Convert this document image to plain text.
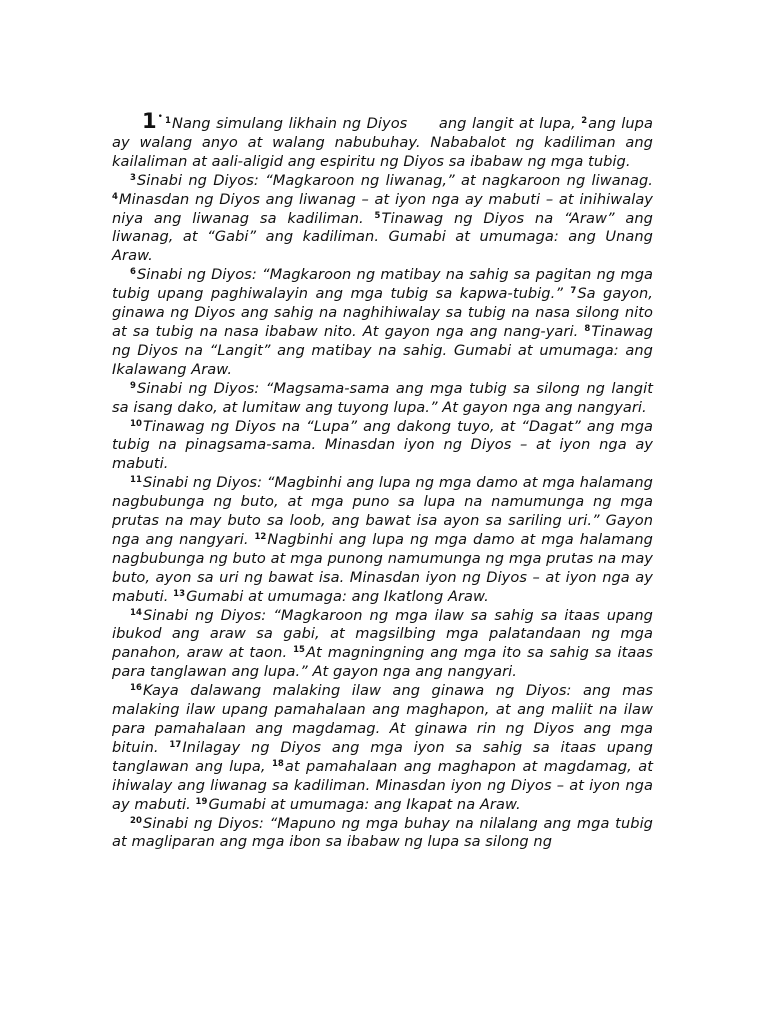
1• $^1$Nang simulang likhain ng Diyos ang langit at lupa, $^2$ang lupa ay walang anyo at walang nabubuhay. Nababalot ng kadiliman ang kailaliman at aali-aligid ang espiritu ng Diyos sa ibabaw ng mga tubig.

$^3$Sinabi ng Diyos: “Magkaroon ng liwanag,” at nagkaroon ng liwanag. $^4$Minasdan ng Diyos ang liwanag – at iyon nga ay mabuti – at inihiwalay niya ang liwanag sa kadiliman. $^5$Tinawag ng Diyos na “Araw” ang liwanag, at “Gabi” ang kadiliman. Gumabi at umumaga: ang Unang Araw.

$^6$Sinabi ng Diyos: “Magkaroon ng matibay na sahig sa pagitan ng mga tubig upang paghiwalayin ang mga tubig sa kapwa-tubig.” $^7$Sa gayon, ginawa ng Diyos ang sahig na naghihiwalay sa tubig na nasa silong nito at sa tubig na nasa ibabaw nito. At gayon nga ang nang-yari. $^8$Tinawag ng Diyos na “Langit” ang matibay na sahig. Gumabi at umumaga: ang Ikalawang Araw.

$^9$Sinabi ng Diyos: “Magsama-sama ang mga tubig sa silong ng langit sa isang dako, at lumitaw ang tuyong lupa.” At gayon nga ang nangyari.

$^{10}$Tinawag ng Diyos na “Lupa” ang dakong tuyo, at “Dagat” ang mga tubig na pinagsama-sama. Minasdan iyon ng Diyos – at iyon nga ay mabuti.

$^{11}$Sinabi ng Diyos: “Magbinhi ang lupa ng mga damo at mga halamang nagbubunga ng buto, at mga puno sa lupa na namumunga ng mga prutas na may buto sa loob, ang bawat isa ayon sa sariling uri.” Gayon nga ang nangyari. $^{12}$Nagbinhi ang lupa ng mga damo at mga halamang nagbubunga ng buto at mga punong namumunga ng mga prutas na may buto, ayon sa uri ng bawat isa. Minasdan iyon ng Diyos – at iyon nga ay mabuti. $^{13}$Gumabi at umumaga: ang Ikatlong Araw.

$^{14}$Sinabi ng Diyos: “Magkaroon ng mga ilaw sa sahig sa itaas upang ibukod ang araw sa gabi, at magsilbing mga palatandaan ng mga panahon, araw at taon. $^{15}$At magningning ang mga ito sa sahig sa itaas para tanglawan ang lupa.” At gayon nga ang nangyari.

$^{16}$Kaya dalawang malaking ilaw ang ginawa ng Diyos: ang mas malaking ilaw upang pamahalaan ang maghapon, at ang maliit na ilaw para pamahalaan ang magdamag. At ginawa rin ng Diyos ang mga bituin. $^{17}$Inilagay ng Diyos ang mga iyon sa sahig sa itaas upang tanglawan ang lupa, $^{18}$at pamahalaan ang maghapon at magdamag, at ihiwalay ang liwanag sa kadiliman. Minasdan iyon ng Diyos – at iyon nga ay mabuti. $^{19}$Gumabi at umumaga: ang Ikapat na Araw.

$^{20}$Sinabi ng Diyos: “Mapuno ng mga buhay na nilalang ang mga tubig at magliparan ang mga ibon sa ibabaw ng lupa sa silong ng
